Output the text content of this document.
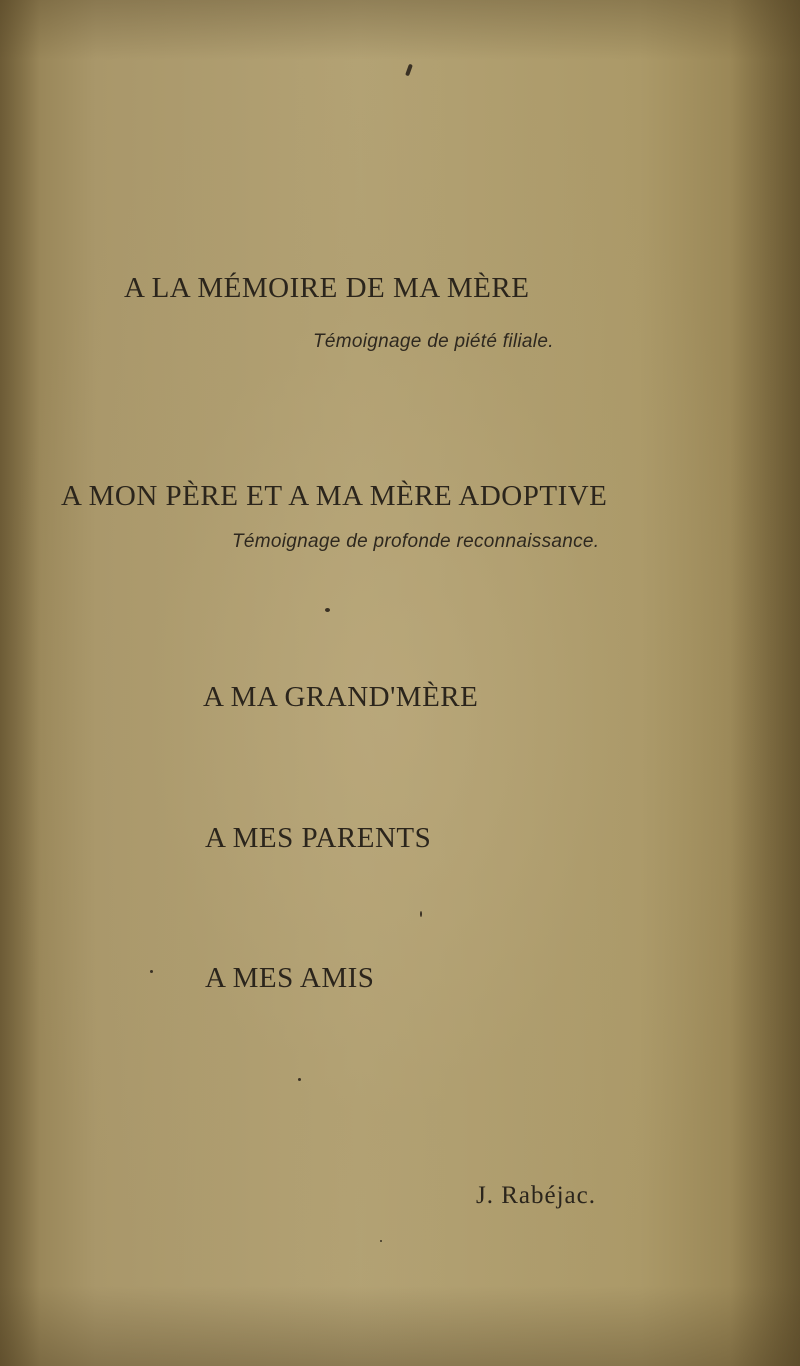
A LA MÉMOIRE DE MA MÈRE
Témoignage de piété filiale.
A MON PÈRE ET A MA MÈRE ADOPTIVE
Témoignage de profonde reconnaissance.
A MA GRAND'MÈRE
A MES PARENTS
A MES AMIS
J. Rabéjac.
